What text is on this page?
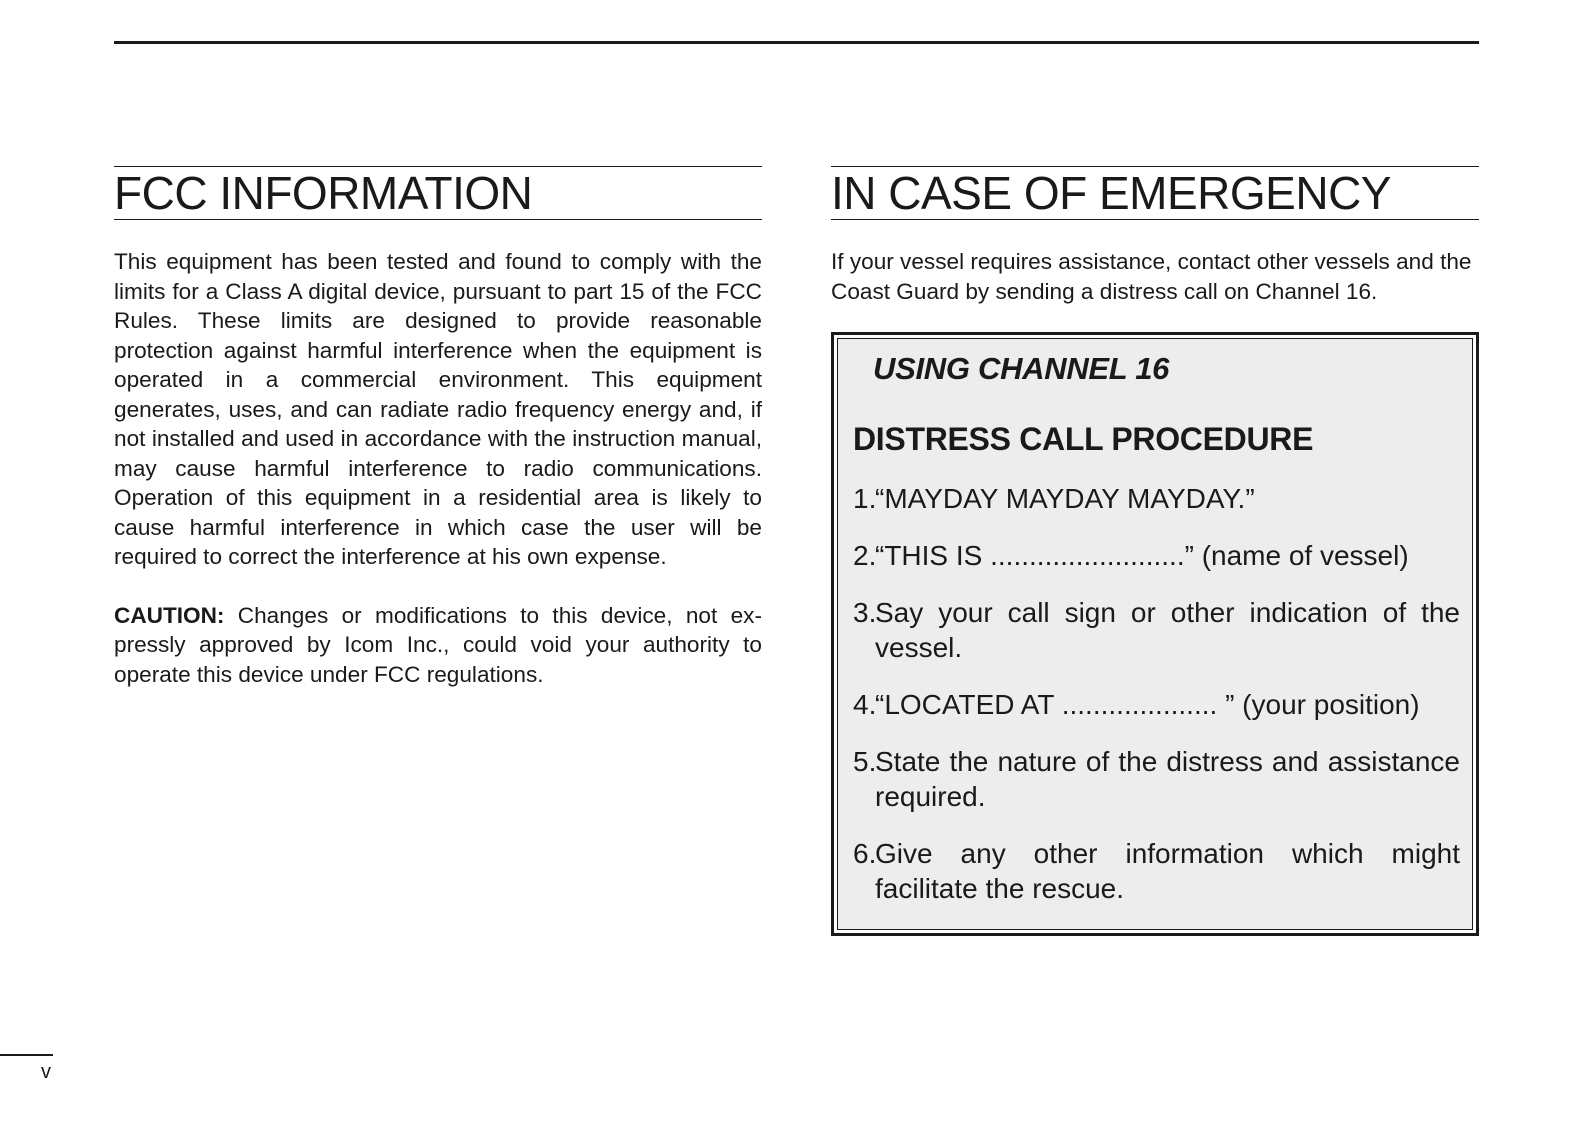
FCC INFORMATION

This equipment has been tested and found to comply with the limits for a Class A digital device, pursuant to part 15 of the FCC Rules. These limits are designed to provide reasonable protection against harmful interference when the equipment is operated in a commercial environment. This equipment generates, uses, and can radiate radio frequency energy and, if not installed and used in accordance with the instruction manual, may cause harmful interference to radio communications. Operation of this equipment in a residential area is likely to cause harmful interference in which case the user will be required to correct the interference at his own expense.

CAUTION: Changes or modifications to this device, not expressly approved by Icom Inc., could void your authority to operate this device under FCC regulations.

IN CASE OF EMERGENCY

If your vessel requires assistance, contact other vessels and the Coast Guard by sending a distress call on Channel 16.

USING CHANNEL 16
DISTRESS CALL PROCEDURE
1.
“MAYDAY MAYDAY MAYDAY.”
2.
“THIS IS .........................” (name of vessel)
3.
Say your call sign or other indication of the vessel.
4.
“LOCATED AT .................... ” (your position)
5.
State the nature of the distress and assistance required.
6.
Give any other information which might facilitate the rescue.
v
